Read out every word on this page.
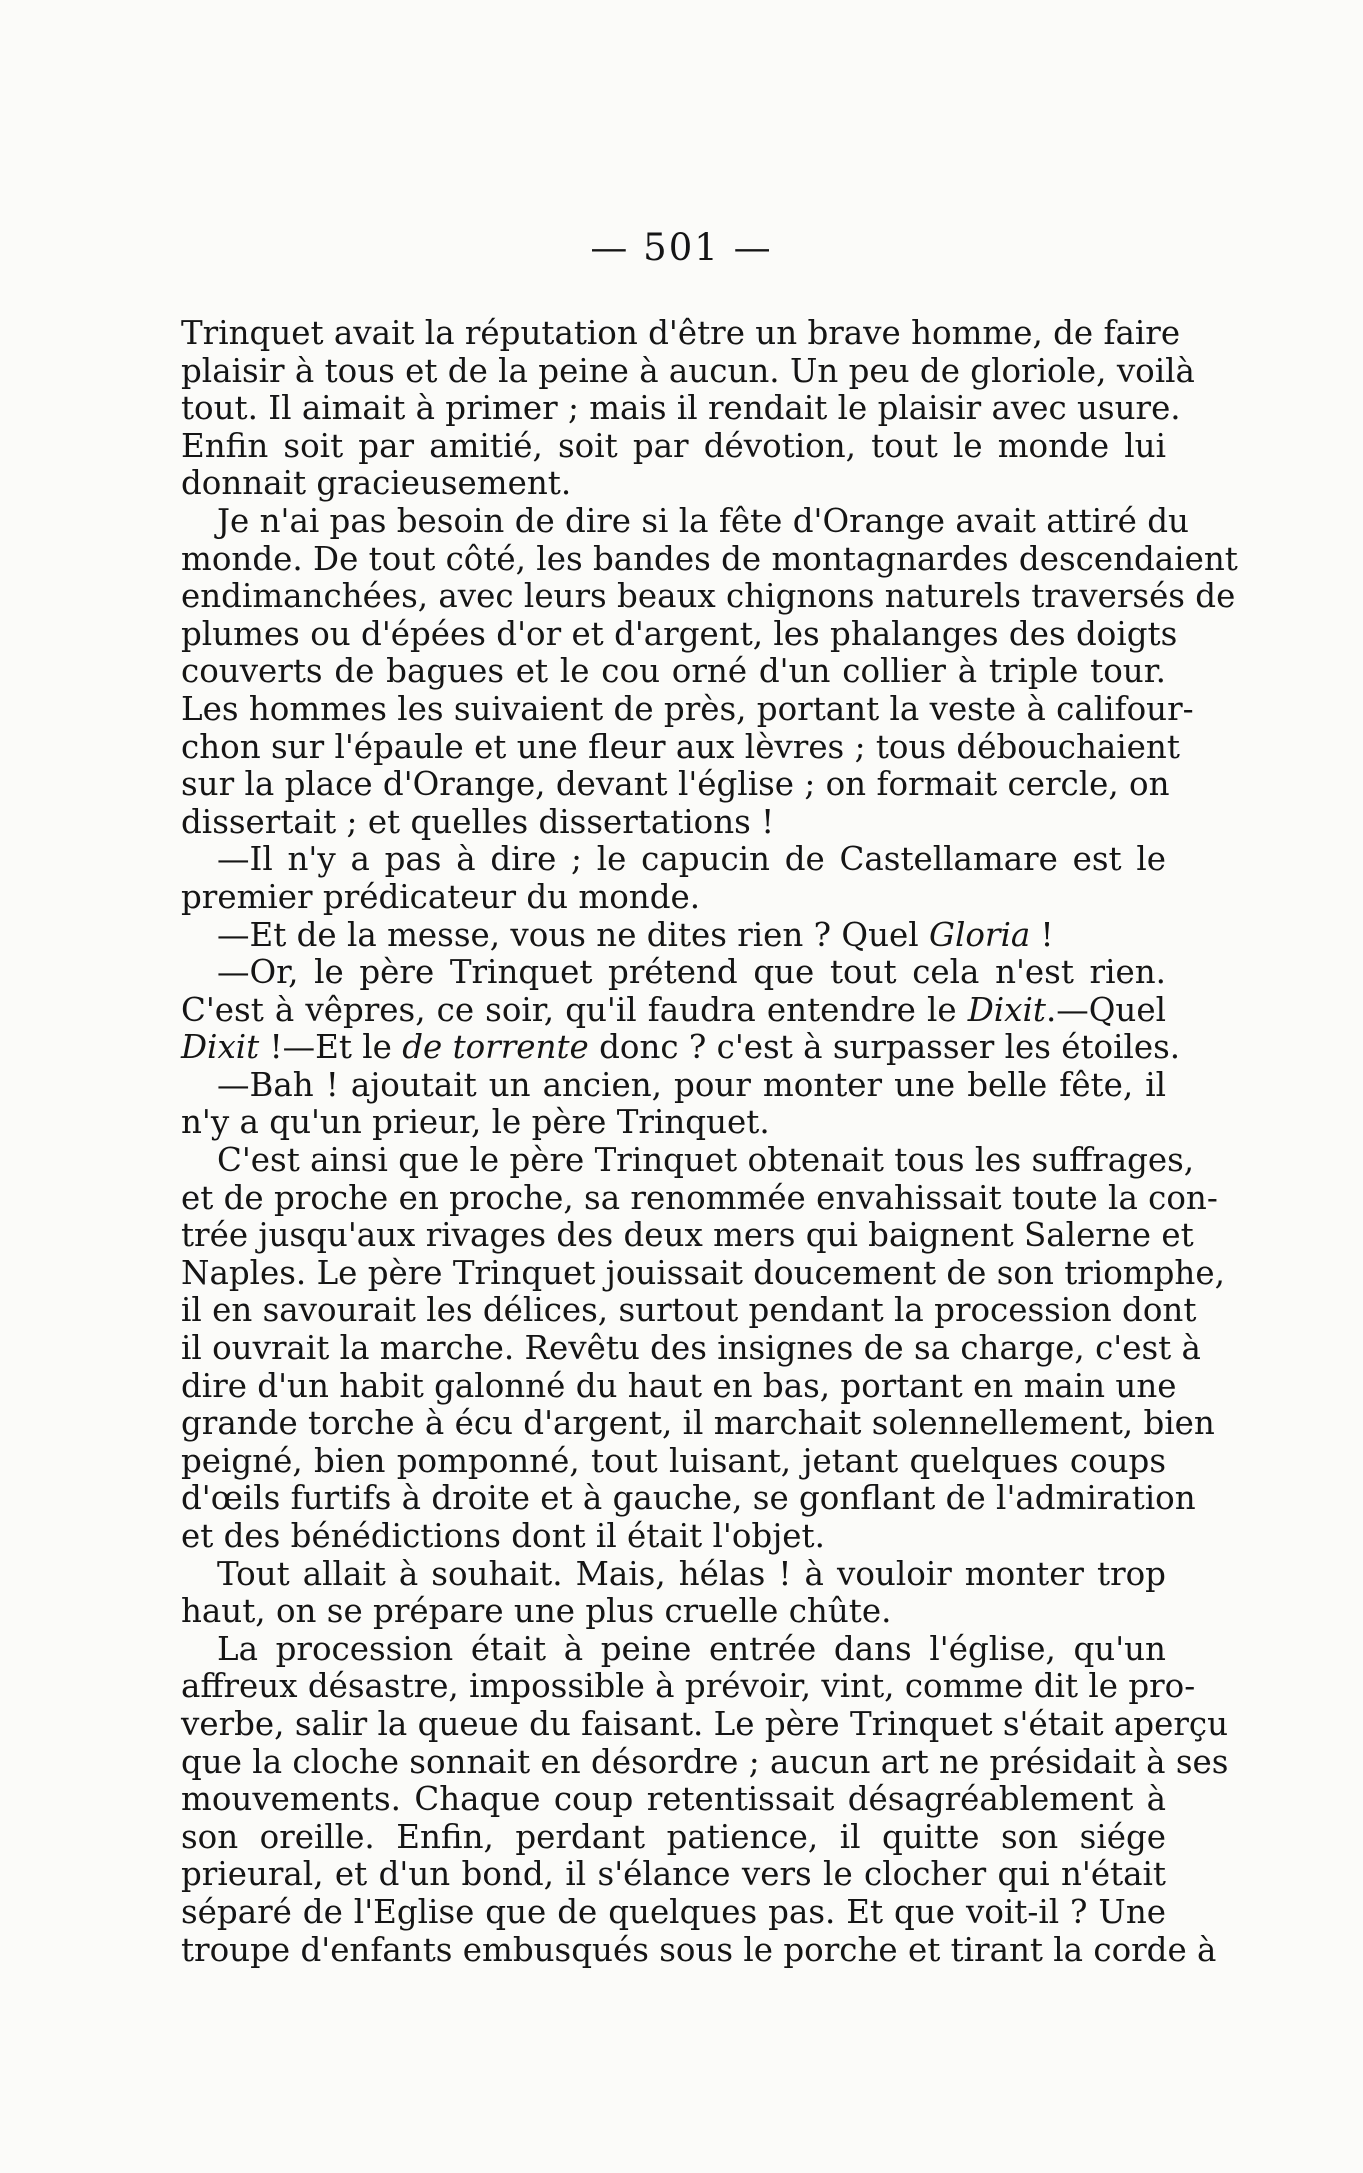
— 501 —
Trinquet avait la réputation d'être un brave homme, de faire
plaisir à tous et de la peine à aucun. Un peu de gloriole, voilà
tout. Il aimait à primer ; mais il rendait le plaisir avec usure.
Enfin soit par amitié, soit par dévotion, tout le monde lui
donnait gracieusement.
Je n'ai pas besoin de dire si la fête d'Orange avait attiré du
monde. De tout côté, les bandes de montagnardes descendaient
endimanchées, avec leurs beaux chignons naturels traversés de
plumes ou d'épées d'or et d'argent, les phalanges des doigts
couverts de bagues et le cou orné d'un collier à triple tour.
Les hommes les suivaient de près, portant la veste à califour-
chon sur l'épaule et une fleur aux lèvres ; tous débouchaient
sur la place d'Orange, devant l'église ; on formait cercle, on
dissertait ; et quelles dissertations !
—Il n'y a pas à dire ; le capucin de Castellamare est le
premier prédicateur du monde.
—Et de la messe, vous ne dites rien ? Quel Gloria !
—Or, le père Trinquet prétend que tout cela n'est rien.
C'est à vêpres, ce soir, qu'il faudra entendre le Dixit.—Quel
Dixit !—Et le de torrente donc ? c'est à surpasser les étoiles.
—Bah ! ajoutait un ancien, pour monter une belle fête, il
n'y a qu'un prieur, le père Trinquet.
C'est ainsi que le père Trinquet obtenait tous les suffrages,
et de proche en proche, sa renommée envahissait toute la con-
trée jusqu'aux rivages des deux mers qui baignent Salerne et
Naples. Le père Trinquet jouissait doucement de son triomphe,
il en savourait les délices, surtout pendant la procession dont
il ouvrait la marche. Revêtu des insignes de sa charge, c'est à
dire d'un habit galonné du haut en bas, portant en main une
grande torche à écu d'argent, il marchait solennellement, bien
peigné, bien pomponné, tout luisant, jetant quelques coups
d'œils furtifs à droite et à gauche, se gonflant de l'admiration
et des bénédictions dont il était l'objet.
Tout allait à souhait. Mais, hélas ! à vouloir monter trop
haut, on se prépare une plus cruelle chûte.
La procession était à peine entrée dans l'église, qu'un
affreux désastre, impossible à prévoir, vint, comme dit le pro-
verbe, salir la queue du faisant. Le père Trinquet s'était aperçu
que la cloche sonnait en désordre ; aucun art ne présidait à ses
mouvements. Chaque coup retentissait désagréablement à
son oreille. Enfin, perdant patience, il quitte son siége
prieural, et d'un bond, il s'élance vers le clocher qui n'était
séparé de l'Eglise que de quelques pas. Et que voit-il ? Une
troupe d'enfants embusqués sous le porche et tirant la corde à
